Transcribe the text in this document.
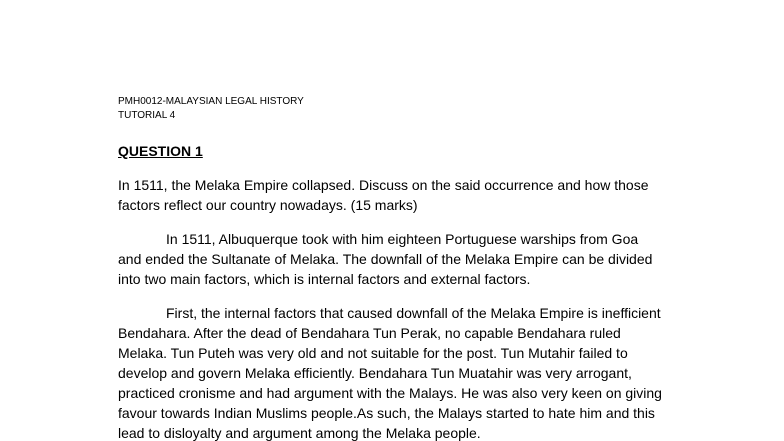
PMH0012-MALAYSIAN LEGAL HISTORY

TUTORIAL 4

QUESTION 1

In 1511, the Melaka Empire collapsed. Discuss on the said occurrence and how those factors reflect our country nowadays. (15 marks)

In 1511, Albuquerque took with him eighteen Portuguese warships from Goa and ended the Sultanate of Melaka. The downfall of the Melaka Empire can be divided into two main factors, which is internal factors and external factors.

First, the internal factors that caused downfall of the Melaka Empire is inefficient Bendahara. After the dead of Bendahara Tun Perak, no capable Bendahara ruled Melaka. Tun Puteh was very old and not suitable for the post. Tun Mutahir failed to develop and govern Melaka efficiently. Bendahara Tun Muatahir was very arrogant, practiced cronisme and had argument with the Malays. He was also very keen on giving favour towards Indian Muslims people.As such, the Malays started to hate him and this lead to disloyalty and argument among the Melaka people.
